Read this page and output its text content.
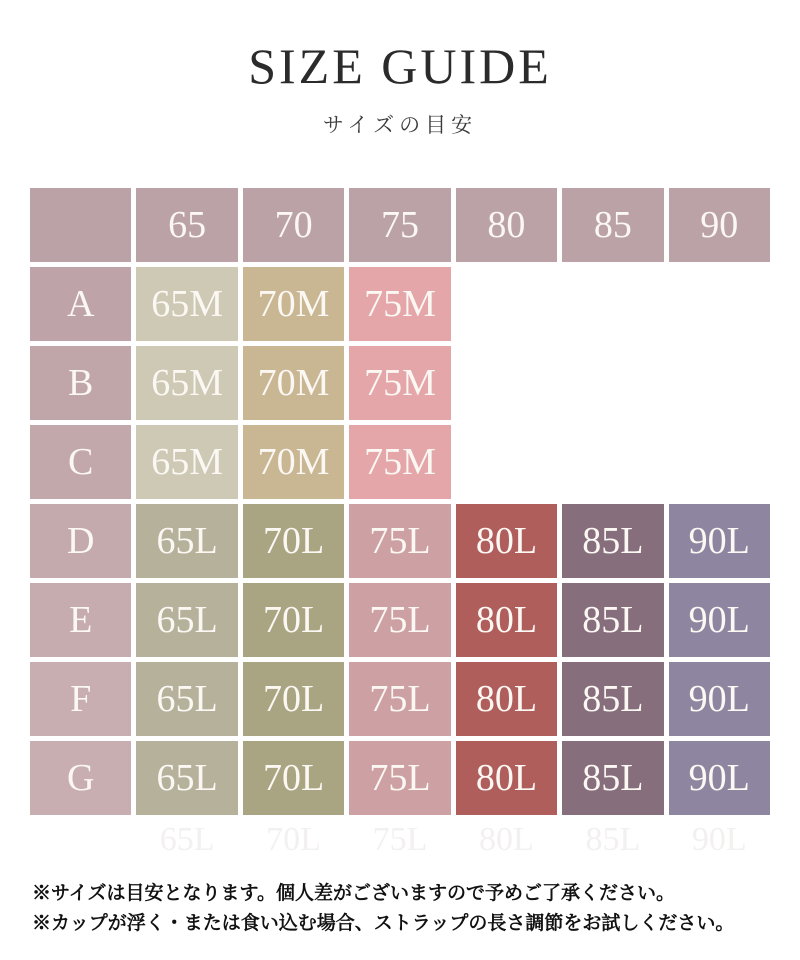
SIZE GUIDE
サイズの目安
65	70	75	80	85	90
A	65M 70M 75M
B	65M 70M 75M
C	65M 70M 75M
D	65L	70L	75L	80L	85L	90L
E	65L	70L	75L	80L	85L	90L
F	65L	70L	75L	80L	85L	90L
G	65L	70L	75L	80L	85L	90L
65L	70L	75L	80L	85L	90L

※サイズは目安となります。個人差がございますので予めご了承ください。

※カップが浮く・または食い込む場合、ストラップの長さ調節をお試しください。
